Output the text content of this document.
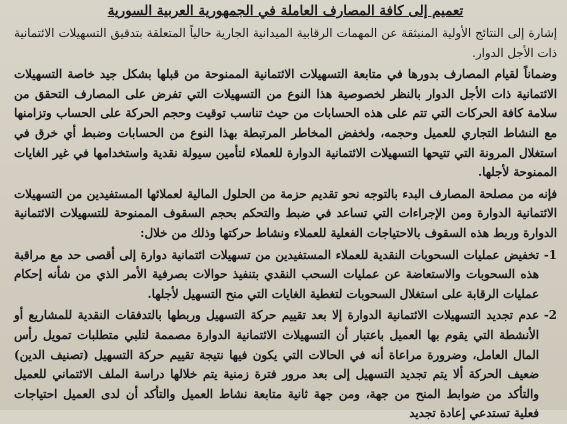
تعميم إلى كافة المصارف العاملة في الجمهورية العربية السورية

إشارة إلى النتائج الأولية المنبثقة عن المهمات الرقابية الميدانية الجارية حالياً المتعلقة بتدقيق التسهيلات الائتمانية ذات الأجل الدوار.

وضماناً لقيام المصارف بدورها في متابعة التسهيلات الائتمانية الممنوحة من قبلها بشكل جيد خاصة التسهيلات الائتمانية ذات الأجل الدوار بالنظر لخصوصية هذا النوع من التسهيلات التي تفرض على المصارف التحقق من سلامة كافة الحركات التي تتم على هذه الحسابات من حيث تناسب توقيت وحجم الحركة على الحساب وتزامنها مع النشاط التجاري للعميل وحجمه، ولخفض المخاطر المرتبطة بهذا النوع من الحسابات وضبط أي خرق في استغلال المرونة التي تتيحها التسهيلات الائتمانية الدوارة للعملاء لتأمين سيولة نقدية واستخدامها في غير الغايات الممنوحة لأجلها.

فإنه من مصلحة المصارف البدء بالتوجه نحو تقديم حزمة من الحلول المالية لعملائها المستفيدين من التسهيلات الائتمانية الدوارة ومن الإجراءات التي تساعد في ضبط والتحكم بحجم السقوف الممنوحة للتسهيلات الائتمانية الدوارة وربط هذه السقوف بالاحتياجات الفعلية للعملاء ونشاط حركتها وذلك من خلال:

1-
تخفيض عمليات السحوبات النقدية للعملاء المستفيدين من تسهيلات ائتمانية دوارة إلى أقصى حد مع مراقبة هذه السحوبات والاستعاضة عن عمليات السحب النقدي بتنفيذ حوالات بصرفية الأمر الذي من شأنه إحكام عمليات الرقابة على استغلال السحوبات لتغطية الغايات التي منح التسهيل لأجلها.
2-
عدم تجديد التسهيلات الائتمانية الدوارة إلا بعد تقييم حركة التسهيل وربطها بالتدفقات النقدية للمشاريع أو الأنشطة التي يقوم بها العميل باعتبار أن التسهيلات الائتمانية الدوارة مصممة لتلبي متطلبات تمويل رأس المال العامل، وضرورة مراعاة أنه في الحالات التي يكون فيها نتيجة تقييم حركة التسهيل (تصنيف الدين) ضعيف الحركة ألا يتم تجديد التسهيل إلى بعد مرور فترة زمنية يتم خلالها دراسة الملف الائتماني للعميل والتأكد من ضوابط المنح من جهة، ومن جهة ثانية متابعة نشاط العميل والتأكد أن لدى العميل احتياجات فعلية تستدعي إعادة تجديد
